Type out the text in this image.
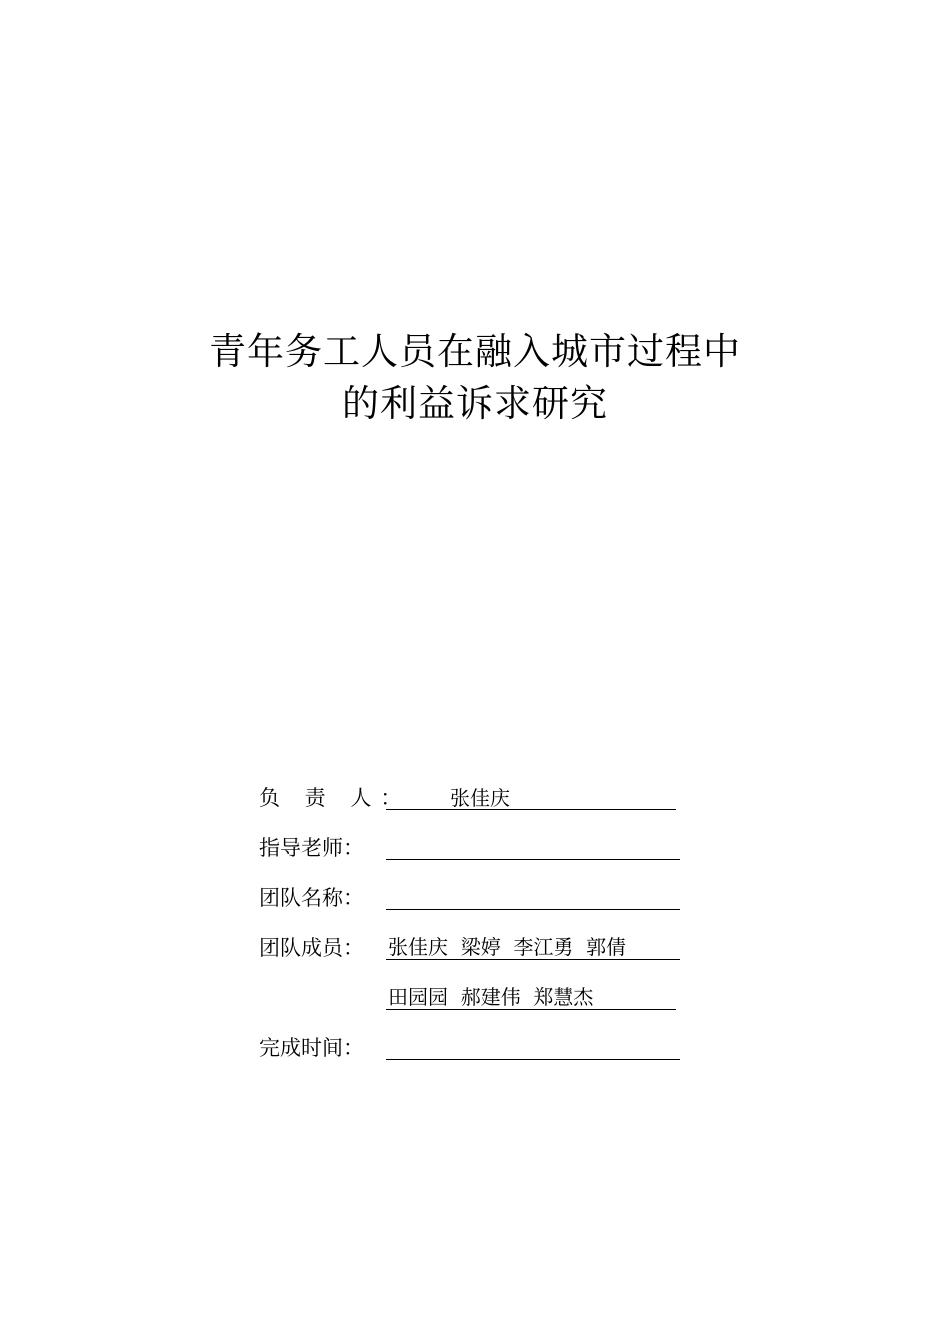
青年务工人员在融入城市过程中
的利益诉求研究
负 责 人： 张佳庆
指导老师：
团队名称：
团队成员： 张佳庆  梁婷  李江勇  郭倩
田园园  郝建伟  郑慧杰
完成时间：
